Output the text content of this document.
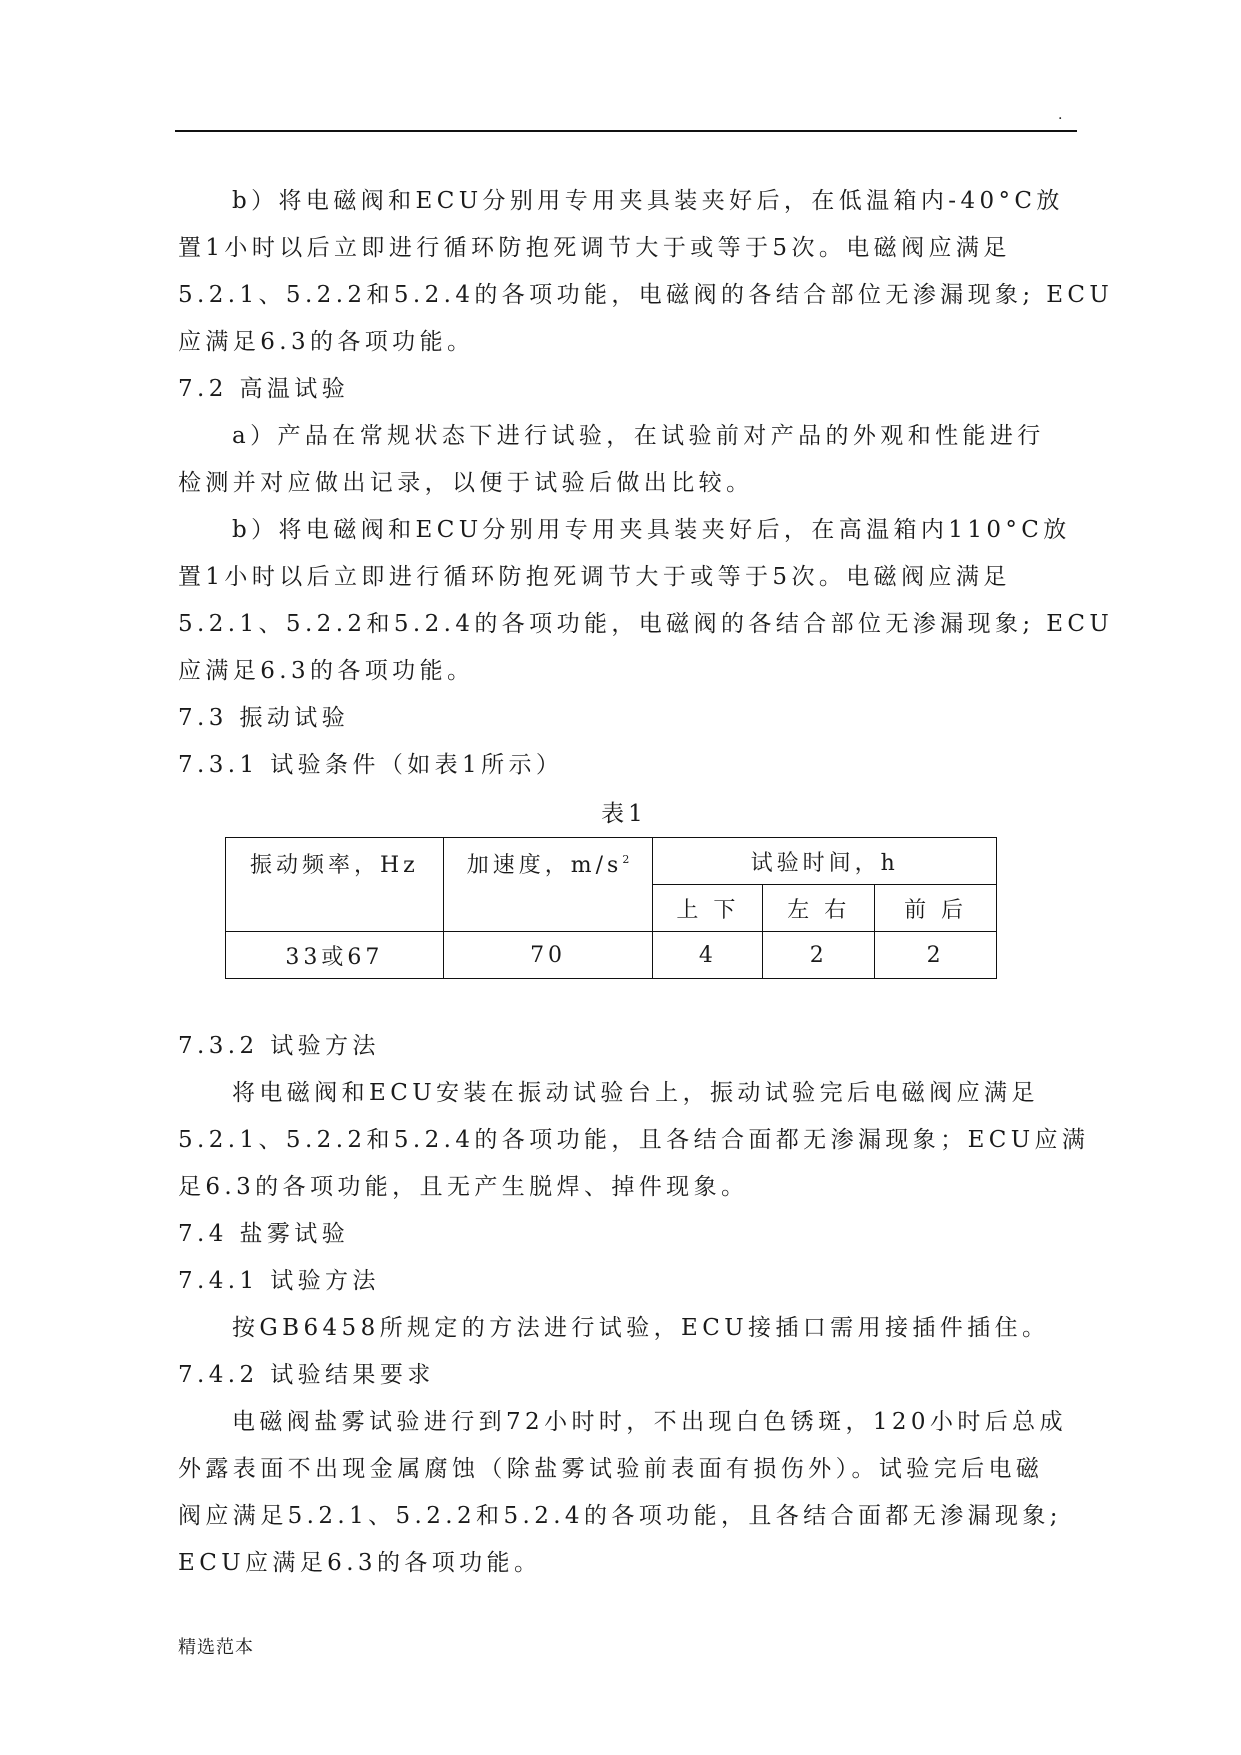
.
b）将电磁阀和ECU分别用专用夹具装夹好后，在低温箱内-40°C放
置1小时以后立即进行循环防抱死调节大于或等于5次。电磁阀应满足
5.2.1、5.2.2和5.2.4的各项功能，电磁阀的各结合部位无渗漏现象; ECU
应满足6.3的各项功能。
7.2 高温试验
a）产品在常规状态下进行试验，在试验前对产品的外观和性能进行
检测并对应做出记录，以便于试验后做出比较。
b）将电磁阀和ECU分别用专用夹具装夹好后，在高温箱内110°C放
置1小时以后立即进行循环防抱死调节大于或等于5次。电磁阀应满足
5.2.1、5.2.2和5.2.4的各项功能，电磁阀的各结合部位无渗漏现象; ECU
应满足6.3的各项功能。
7.3 振动试验
7.3.1 试验条件（如表1所示）
表1
振动频率，Hz	加速度，$m/s^2$	试验时间，h		
		上 下	左 右	前 后
33或67	70	4	2	2
7.3.2 试验方法
将电磁阀和ECU安装在振动试验台上，振动试验完后电磁阀应满足
5.2.1、5.2.2和5.2.4的各项功能，且各结合面都无渗漏现象；ECU应满
足6.3的各项功能，且无产生脱焊、掉件现象。
7.4 盐雾试验
7.4.1 试验方法
按GB6458所规定的方法进行试验，ECU接插口需用接插件插住。
7.4.2 试验结果要求
电磁阀盐雾试验进行到72小时时，不出现白色锈斑，120小时后总成
外露表面不出现金属腐蚀（除盐雾试验前表面有损伤外）。试验完后电磁
阀应满足5.2.1、5.2.2和5.2.4的各项功能，且各结合面都无渗漏现象;
ECU应满足6.3的各项功能。
精选范本
